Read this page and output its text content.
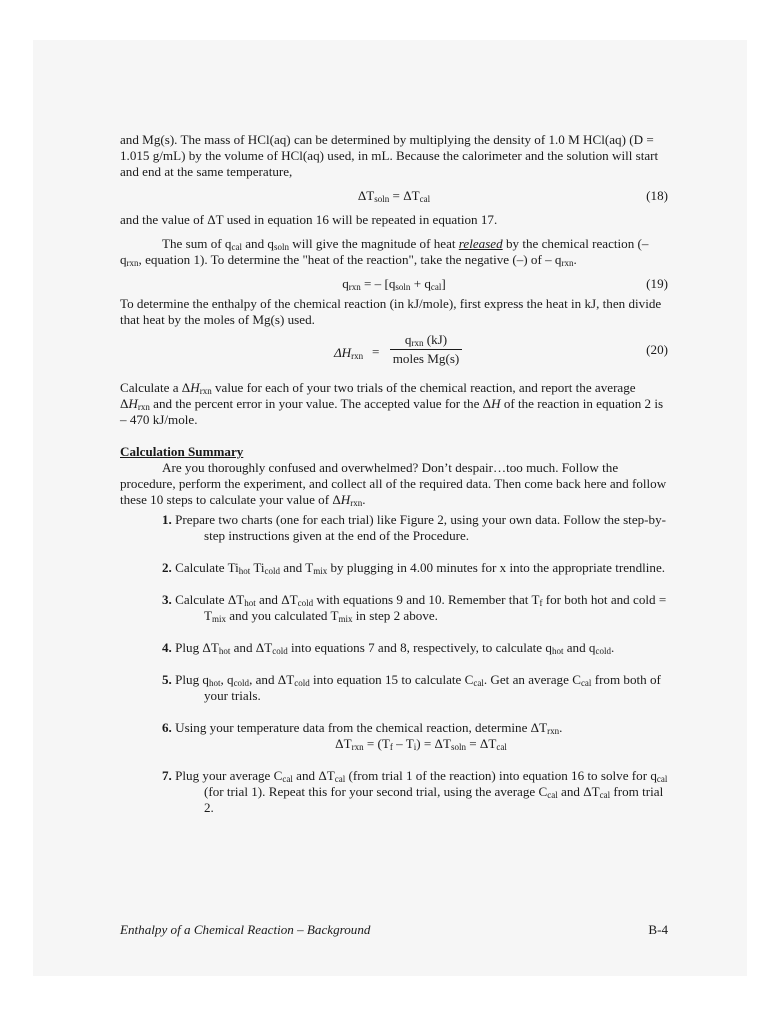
and Mg(s). The mass of HCl(aq) can be determined by multiplying the density of 1.0 M HCl(aq) (D = 1.015 g/mL) by the volume of HCl(aq) used, in mL. Because the calorimeter and the solution will start and end at the same temperature,

$\Delta T_{soln} = \Delta T_{cal}$	(18)

and the value of ΔT used in equation 16 will be repeated in equation 17.

The sum of $q_{cal}$ and $q_{soln}$ will give the magnitude of heat released by the chemical reaction (– $q_{rxn}$, equation 1). To determine the "heat of the reaction", take the negative (–) of – $q_{rxn}$.

$q_{rxn}$ = – $[q_{soln} + q_{cal}]$	(19)

To determine the enthalpy of the chemical reaction (in kJ/mole), first express the heat in kJ, then divide that heat by the moles of Mg(s) used.

$\Delta H_{rxn}$ =
$q_{rxn}$ (kJ)
moles Mg(s)
(20)

Calculate a $\Delta H_{rxn}$ value for each of your two trials of the chemical reaction, and report the average $\Delta H_{rxn}$ and the percent error in your value. The accepted value for the ΔH of the reaction in equation 2 is – 470 kJ/mole.

Calculation Summary

Are you thoroughly confused and overwhelmed? Don’t despair…too much. Follow the procedure, perform the experiment, and collect all of the required data. Then come back here and follow these 10 steps to calculate your value of $\Delta H_{rxn}$.

1. Prepare two charts (one for each trial) like Figure 2, using your own data. Follow the step-by-step instructions given at the end of the Procedure.
2. Calculate $Ti_{hot}$ $Ti_{cold}$ and $T_{mix}$ by plugging in 4.00 minutes for x into the appropriate trendline.
3. Calculate $\Delta T_{hot}$ and $\Delta T_{cold}$ with equations 9 and 10. Remember that $T_f$ for both hot and cold = $T_{mix}$ and you calculated $T_{mix}$ in step 2 above.
4. Plug $\Delta T_{hot}$ and $\Delta T_{cold}$ into equations 7 and 8, respectively, to calculate $q_{hot}$ and $q_{cold}$.
5. Plug $q_{hot}$, $q_{cold}$, and $\Delta T_{cold}$ into equation 15 to calculate $C_{cal}$. Get an average $C_{cal}$ from both of your trials.
6. Using your temperature data from the chemical reaction, determine $\Delta T_{rxn}$.
$\Delta T_{rxn} = (T_f - T_i) = \Delta T_{soln} = \Delta T_{cal}$
7. Plug your average $C_{cal}$ and $\Delta T_{cal}$ (from trial 1 of the reaction) into equation 16 to solve for $q_{cal}$ (for trial 1). Repeat this for your second trial, using the average $C_{cal}$ and $\Delta T_{cal}$ from trial 2.
Enthalpy of a Chemical Reaction – Background	B-4
